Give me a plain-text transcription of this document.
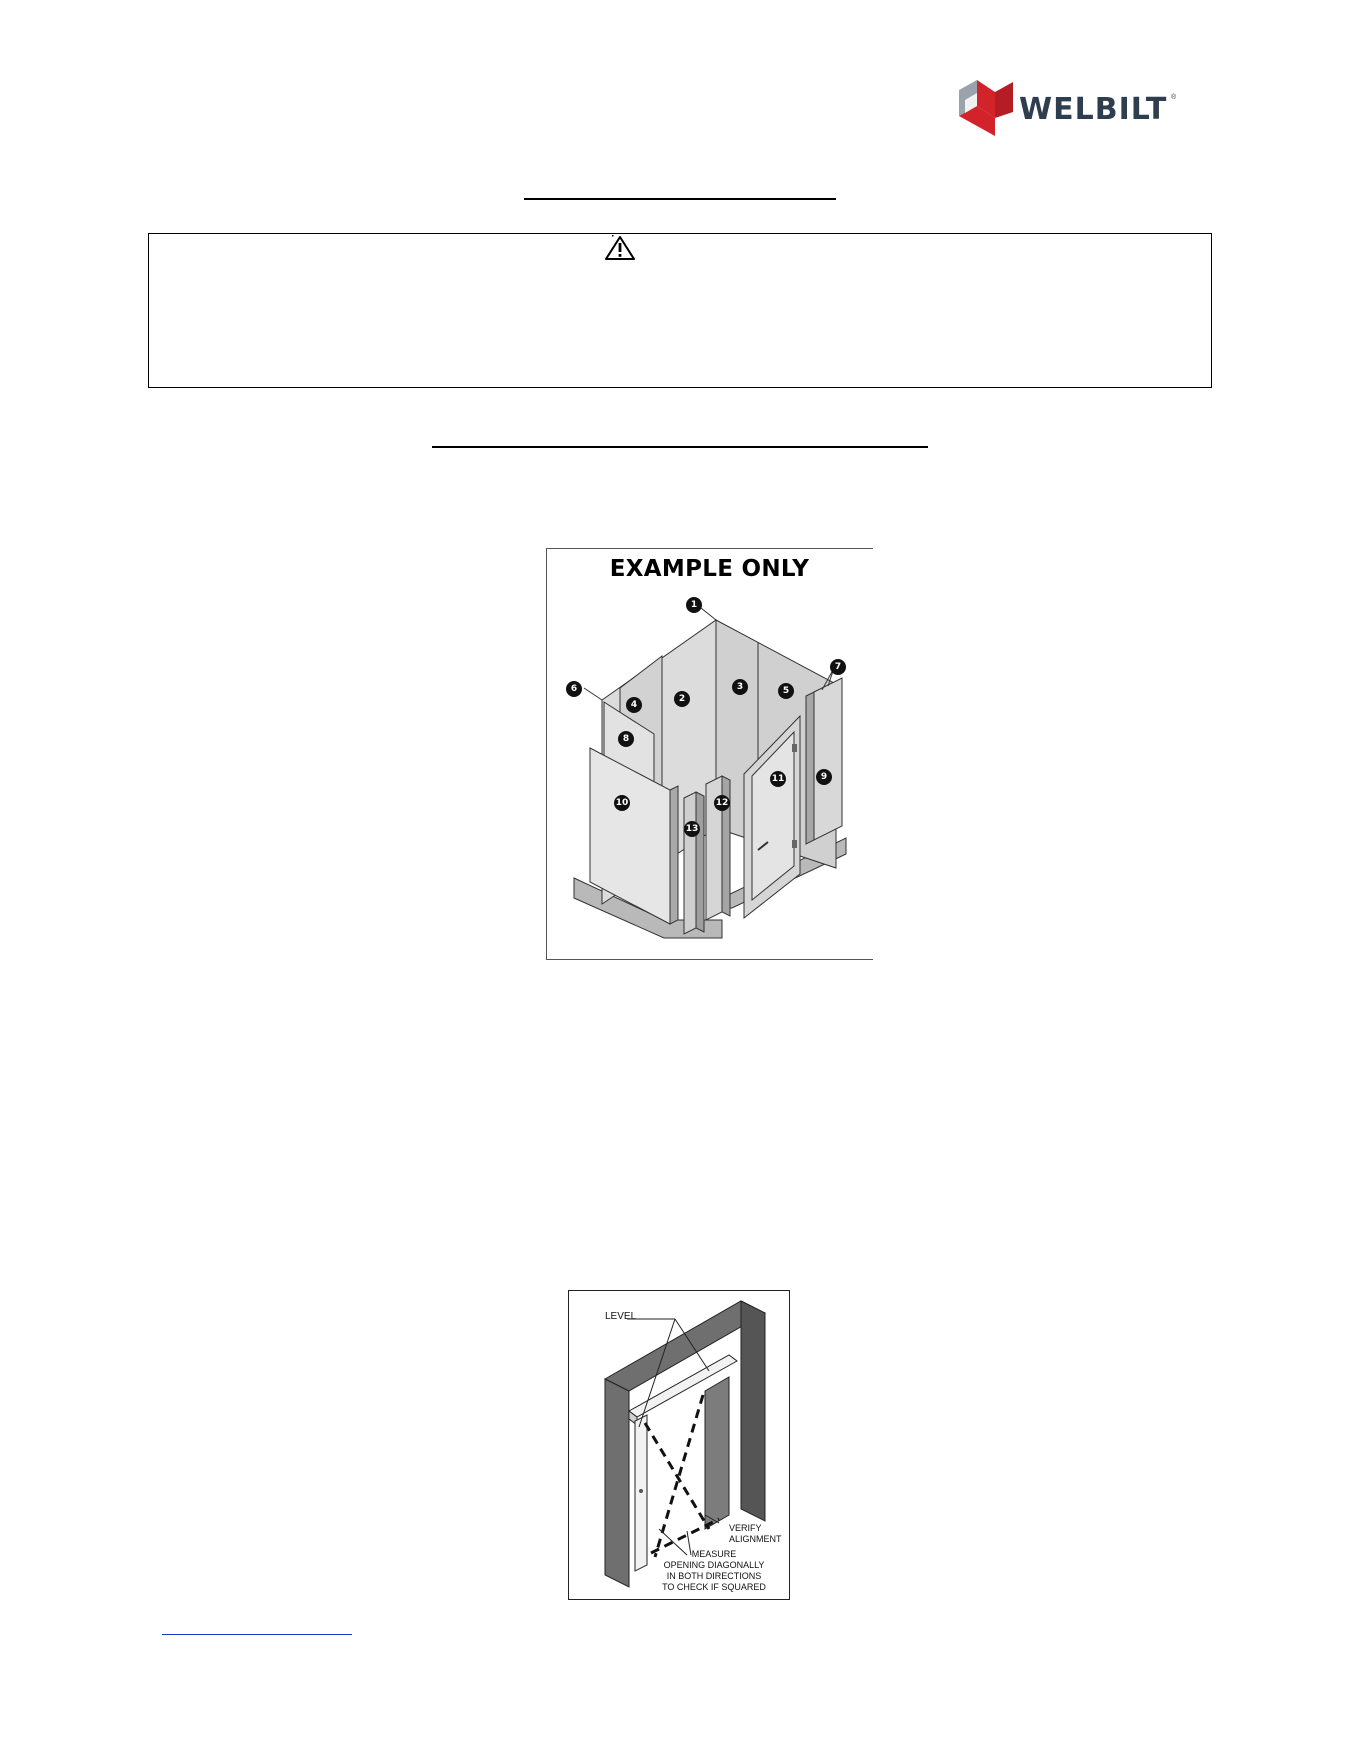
WELBILT ®
EXAMPLE ONLY
1
2
3
4
5
6
7
8
9
10
11
12
13
LEVEL
VERIFY
ALIGNMENT
MEASURE
OPENING DIAGONALLY
IN BOTH DIRECTIONS
TO CHECK IF SQUARED
